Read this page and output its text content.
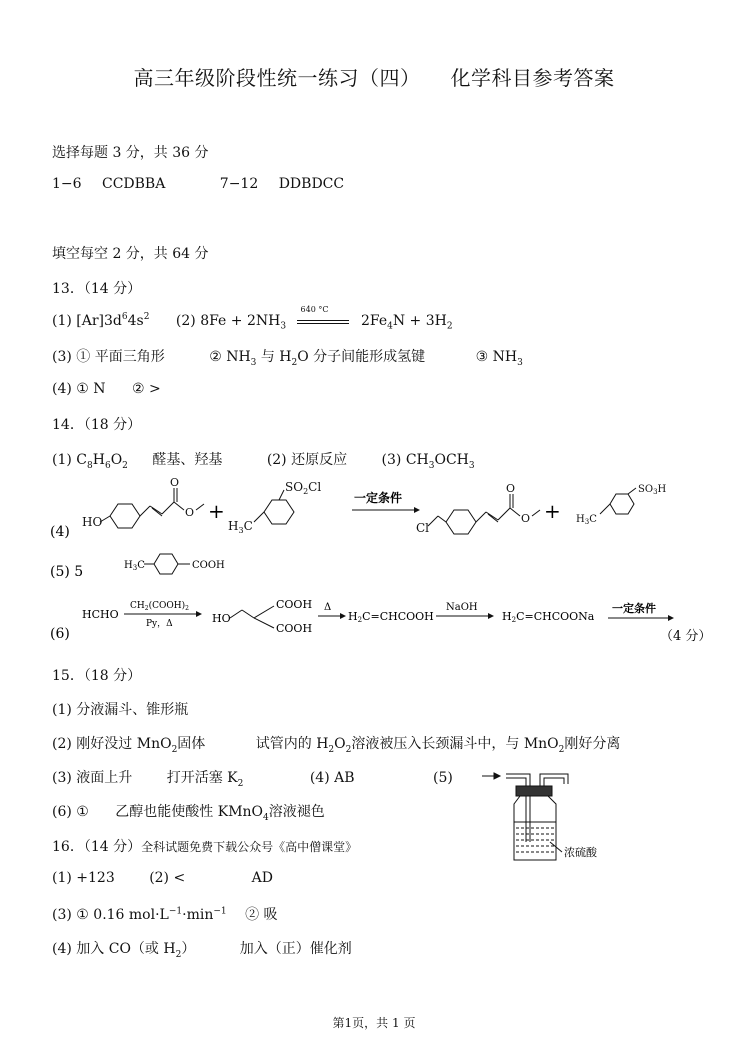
高三年级阶段性统一练习（四） 化学科目参考答案
选择每题 3 分，共 36 分
1−6 CCDBBA	7−12 DDBDCC
填空每空 2 分，共 64 分
13．（14 分）
(1) $[Ar]3d^64s^2$ (2) $8Fe + 2NH_3$
640 °C
$2Fe_4N + 3H_2$
(3) ① 平面三角形	② $NH_3$ 与 $H_2O$ 分子间能形成氢键	③ $NH_3$
(4) ① N ② >
14．（18 分）
(1) $C_8H_6O_2$ 醛基、羟基	(2) 还原反应 (3) $CH_3OCH_3$
(4)
HO
O
O +
$SO_2Cl$
$H_3C$
一定条件
Cl
O
O +
$SO_3H$
$H_3C$
(5) 5	$H_3C$	COOH
(6)
HCHO
$CH_2(COOH)_2$
Py，Δ	HO
COOH
COOH
Δ
H2C=CHCOOH
NaOH
H2C=CHCOONa
一定条件
（4 分）
15．（18 分）
(1) 分液漏斗、锥形瓶
(2) 刚好没过 MnO$_2$固体	试管内的 $H_2O_2$溶液被压入长颈漏斗中，与 MnO$_2$刚好分离
(3) 液面上升 打开活塞 $K_2$	(4) AB	(5)
(6) ① 乙醇也能使酸性 KMnO$_4$溶液褪色
浓硫酸
16．（14 分）全科试题免费下载公众号《高中僧课堂》
(1) +123 (2) <	AD
(3) ① 0.16 $mol\cdot L^{-1}\cdot\min^{-1}$ ② 吸
(4) 加入 CO（或 $H_2$）	加入（正）催化剂
第1页，共 1 页
